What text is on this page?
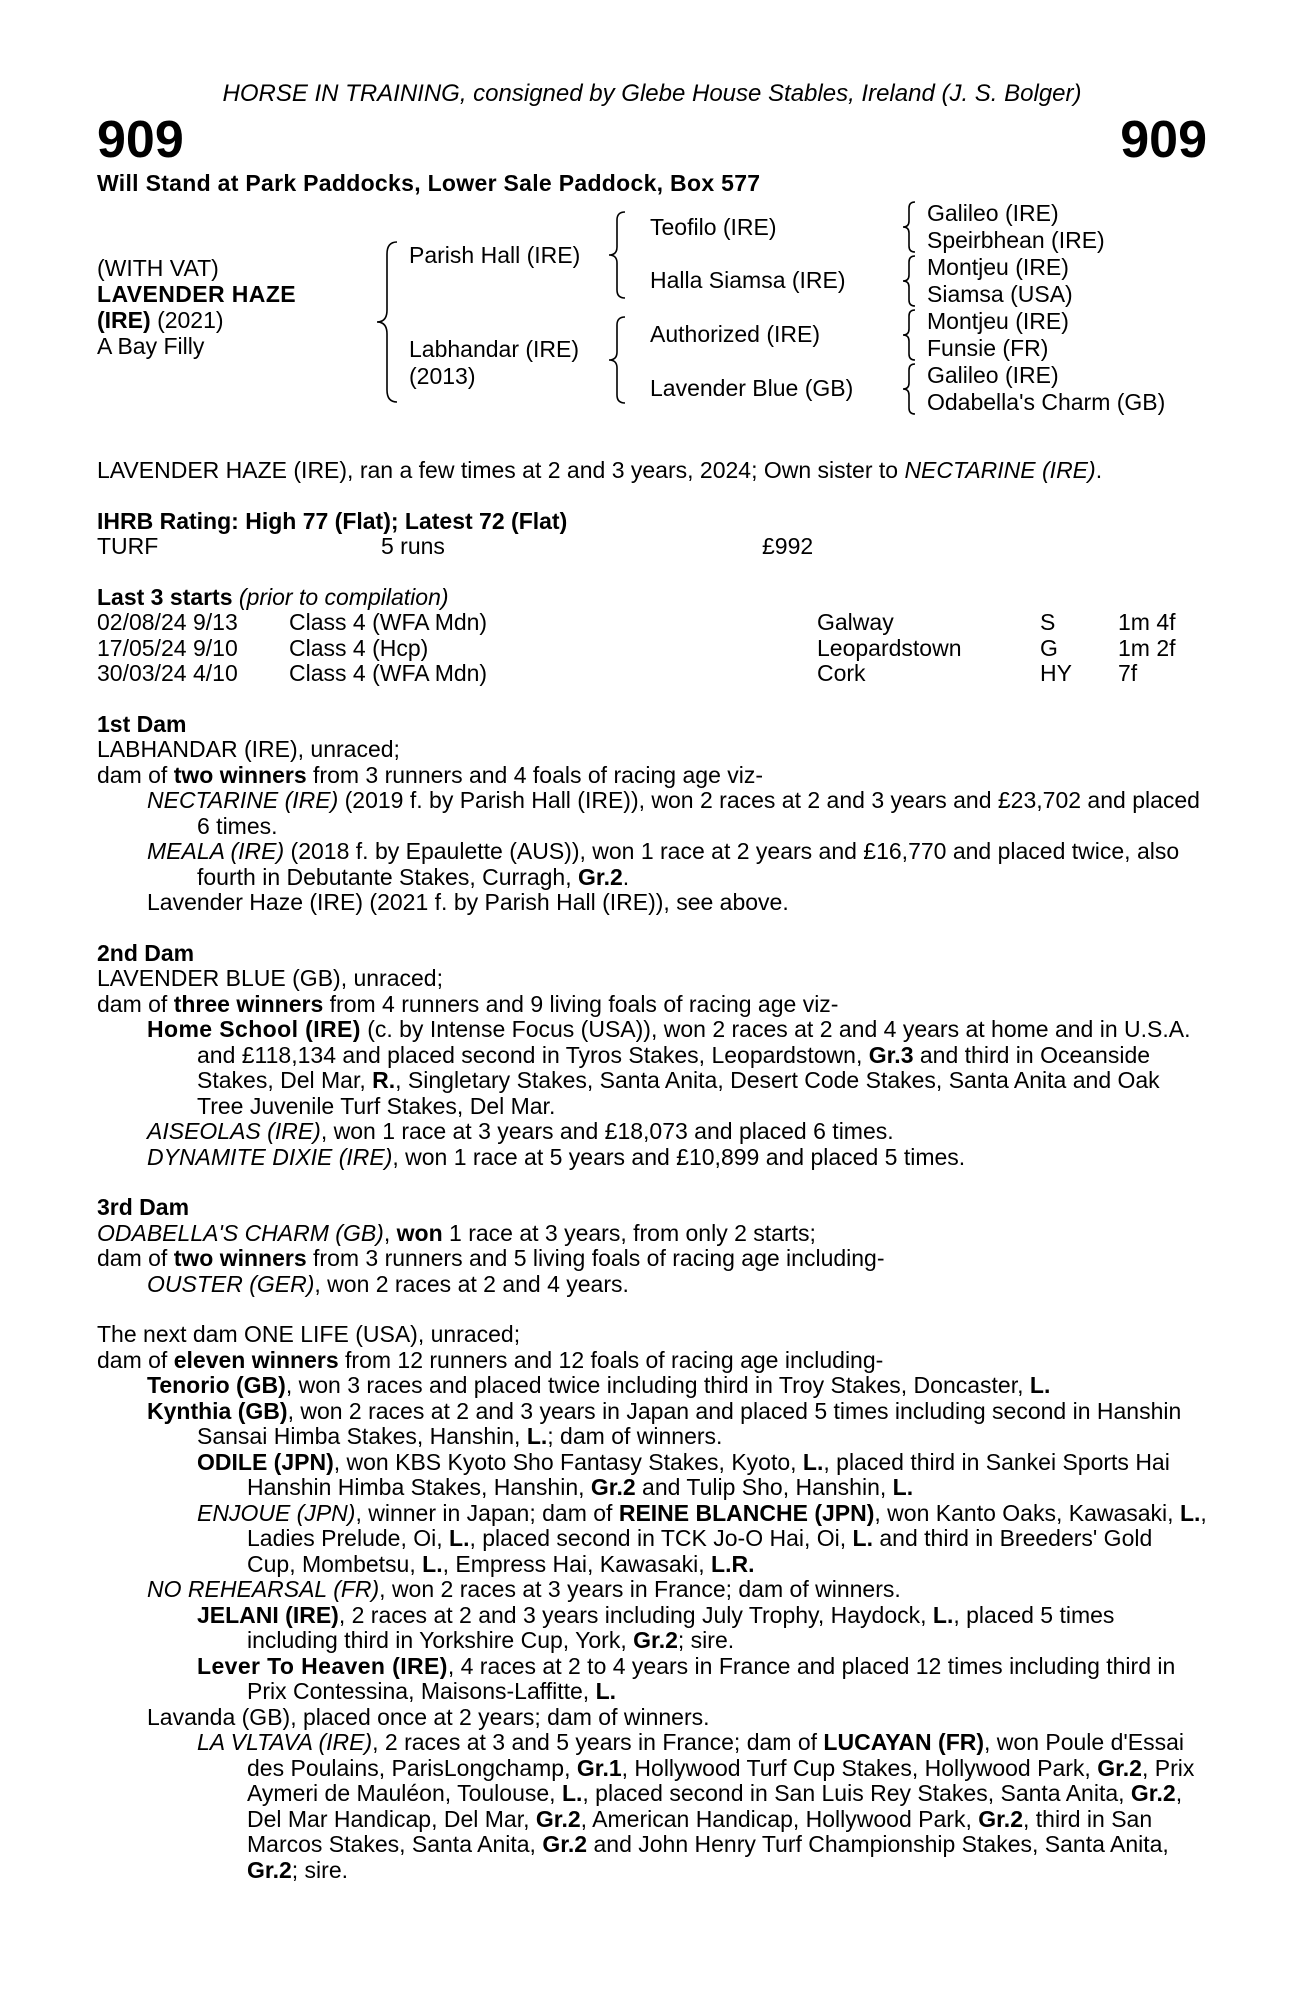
HORSE IN TRAINING, consigned by Glebe House Stables, Ireland (J. S. Bolger)
909	909
Will Stand at Park Paddocks, Lower Sale Paddock, Box 577
(WITH VAT)
LAVENDER HAZE
(IRE) (2021)
A Bay Filly
Parish Hall (IRE)
Labhandar (IRE)
(2013)
Teofilo (IRE)
Halla Siamsa (IRE)
Authorized (IRE)
Lavender Blue (GB)
Galileo (IRE)
Speirbhean (IRE)
Montjeu (IRE)
Siamsa (USA)
Montjeu (IRE)
Funsie (FR)
Galileo (IRE)
Odabella's Charm (GB)

LAVENDER HAZE (IRE), ran a few times at 2 and 3 years, 2024; Own sister to NECTARINE (IRE).

IHRB Rating: High 77 (Flat); Latest 72 (Flat)

TURF	5 runs	£992

Last 3 starts (prior to compilation)

02/08/24 9/13 Class 4 (WFA Mdn)	Galway	S	1m 4f
17/05/24 9/10 Class 4 (Hcp)	Leopardstown	G	1m 2f
30/03/24 4/10 Class 4 (WFA Mdn)	Cork	HY 7f

1st Dam

LABHANDAR (IRE), unraced;

dam of two winners from 3 runners and 4 foals of racing age viz-

NECTARINE (IRE) (2019 f. by Parish Hall (IRE)), won 2 races at 2 and 3 years and £23,702 and placed 6 times.

MEALA (IRE) (2018 f. by Epaulette (AUS)), won 1 race at 2 years and £16,770 and placed twice, also fourth in Debutante Stakes, Curragh, Gr.2.

Lavender Haze (IRE) (2021 f. by Parish Hall (IRE)), see above.

2nd Dam

LAVENDER BLUE (GB), unraced;

dam of three winners from 4 runners and 9 living foals of racing age viz-

Home School (IRE) (c. by Intense Focus (USA)), won 2 races at 2 and 4 years at home and in U.S.A. and £118,134 and placed second in Tyros Stakes, Leopardstown, Gr.3 and third in Oceanside Stakes, Del Mar, R., Singletary Stakes, Santa Anita, Desert Code Stakes, Santa Anita and Oak Tree Juvenile Turf Stakes, Del Mar.

AISEOLAS (IRE), won 1 race at 3 years and £18,073 and placed 6 times.

DYNAMITE DIXIE (IRE), won 1 race at 5 years and £10,899 and placed 5 times.

3rd Dam

ODABELLA'S CHARM (GB), won 1 race at 3 years, from only 2 starts;

dam of two winners from 3 runners and 5 living foals of racing age including-

OUSTER (GER), won 2 races at 2 and 4 years.

The next dam ONE LIFE (USA), unraced;

dam of eleven winners from 12 runners and 12 foals of racing age including-

Tenorio (GB), won 3 races and placed twice including third in Troy Stakes, Doncaster, L.

Kynthia (GB), won 2 races at 2 and 3 years in Japan and placed 5 times including second in Hanshin Sansai Himba Stakes, Hanshin, L.; dam of winners.

ODILE (JPN), won KBS Kyoto Sho Fantasy Stakes, Kyoto, L., placed third in Sankei Sports Hai Hanshin Himba Stakes, Hanshin, Gr.2 and Tulip Sho, Hanshin, L.

ENJOUE (JPN), winner in Japan; dam of REINE BLANCHE (JPN), won Kanto Oaks, Kawasaki, L., Ladies Prelude, Oi, L., placed second in TCK Jo-O Hai, Oi, L. and third in Breeders' Gold Cup, Mombetsu, L., Empress Hai, Kawasaki, L.R.

NO REHEARSAL (FR), won 2 races at 3 years in France; dam of winners.

JELANI (IRE), 2 races at 2 and 3 years including July Trophy, Haydock, L., placed 5 times including third in Yorkshire Cup, York, Gr.2; sire.

Lever To Heaven (IRE), 4 races at 2 to 4 years in France and placed 12 times including third in Prix Contessina, Maisons-Laffitte, L.

Lavanda (GB), placed once at 2 years; dam of winners.

LA VLTAVA (IRE), 2 races at 3 and 5 years in France; dam of LUCAYAN (FR), won Poule d'Essai des Poulains, ParisLongchamp, Gr.1, Hollywood Turf Cup Stakes, Hollywood Park, Gr.2, Prix Aymeri de Mauléon, Toulouse, L., placed second in San Luis Rey Stakes, Santa Anita, Gr.2, Del Mar Handicap, Del Mar, Gr.2, American Handicap, Hollywood Park, Gr.2, third in San Marcos Stakes, Santa Anita, Gr.2 and John Henry Turf Championship Stakes, Santa Anita, Gr.2; sire.
